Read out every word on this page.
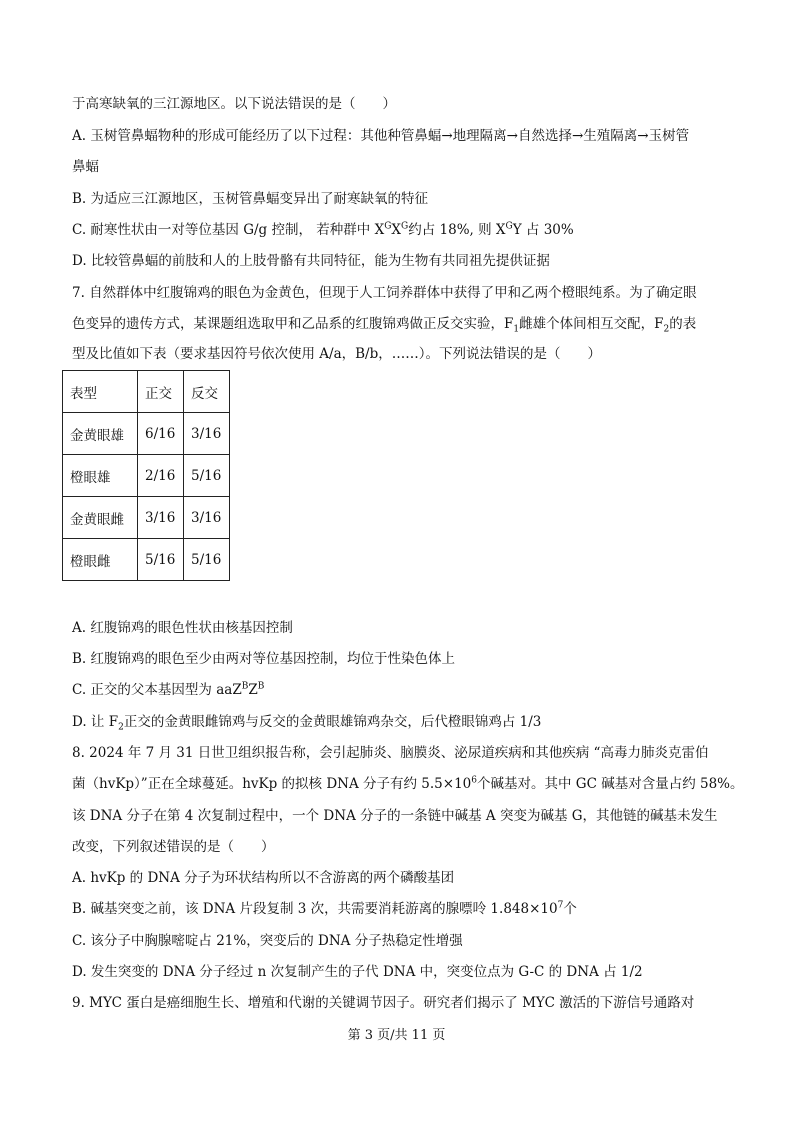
于高寒缺氧的三江源地区。以下说法错误的是（　　）
A. 玉树管鼻蝠物种的形成可能经历了以下过程：其他种管鼻蝠→地理隔离→自然选择→生殖隔离→玉树管
鼻蝠
B. 为适应三江源地区，玉树管鼻蝠变异出了耐寒缺氧的特征
C. 耐寒性状由一对等位基因 G/g 控制， 若种群中 $X^GX^G$约占 18%, 则 $X^GY$ 占 30%
D. 比较管鼻蝠的前肢和人的上肢骨骼有共同特征，能为生物有共同祖先提供证据
7. 自然群体中红腹锦鸡的眼色为金黄色，但现于人工饲养群体中获得了甲和乙两个橙眼纯系。为了确定眼
色变异的遗传方式，某课题组选取甲和乙品系的红腹锦鸡做正反交实验，$F_1$雌雄个体间相互交配，$F_2$的表
型及比值如下表（要求基因符号依次使用 A/a，B/b，……）。下列说法错误的是（　　）
表型	正交	反交
金黄眼雄	6/16	3/16
橙眼雄	2/16	5/16
金黄眼雌	3/16	3/16
橙眼雌	5/16	5/16
A. 红腹锦鸡的眼色性状由核基因控制
B. 红腹锦鸡的眼色至少由两对等位基因控制，均位于性染色体上
C. 正交的父本基因型为 $aaZ^BZ^B$
D. 让 $F_2$正交的金黄眼雌锦鸡与反交的金黄眼雄锦鸡杂交，后代橙眼锦鸡占 1/3
8. 2024 年 7 月 31 日世卫组织报告称，会引起肺炎、脑膜炎、泌尿道疾病和其他疾病 “高毒力肺炎克雷伯
菌（hvKp）”正在全球蔓延。hvKp 的拟核 DNA 分子有约 $5.5\times 10^6$个碱基对。其中 GC 碱基对含量占约 58%。
该 DNA 分子在第 4 次复制过程中，一个 DNA 分子的一条链中碱基 A 突变为碱基 G，其他链的碱基未发生
改变，下列叙述错误的是（　　）
A. hvKp 的 DNA 分子为环状结构所以不含游离的两个磷酸基团
B. 碱基突变之前，该 DNA 片段复制 3 次，共需要消耗游离的腺嘌呤 $1.848\times 10^7$个
C. 该分子中胸腺嘧啶占 21%，突变后的 DNA 分子热稳定性增强
D. 发生突变的 DNA 分子经过 n 次复制产生的子代 DNA 中，突变位点为 G-C 的 DNA 占 1/2
9. MYC 蛋白是癌细胞生长、增殖和代谢的关键调节因子。研究者们揭示了 MYC 激活的下游信号通路对
第 3 页/共 11 页
